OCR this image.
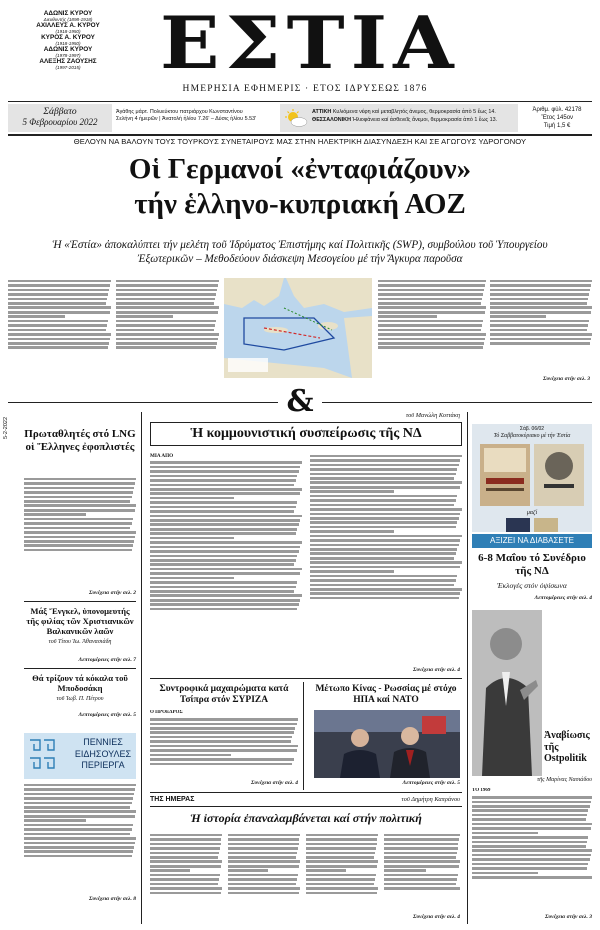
ΑΔΩΝΙΣ ΚΥΡΟΥ
Διευθυντής (1898-1918)
ΑΧΙΛΛΕΥΣ Α. ΚΥΡΟΥ
(1918-1950)
ΚΥΡΟΣ Α. ΚΥΡΟΥ
(1918-1950)
ΑΔΩΝΙΣ ΚΥΡΟΥ
(1978-1997)
ΑΛΕΞΗΣ ΖΑΟΥΣΗΣ
(1997-2015)	ΕΣΤΙΑ
ΗΜΕΡΗΣΙΑ ΕΦΗΜΕΡΙΣ · ΕΤΟΣ ΙΔΡΥΣΕΩΣ 1876
Σάββατο
5 Φεβρουαρίου 2022
Ἁγάθης μάρτ. Πολυεύκτου πατριάρχου Κωνσταντίνου
Σελήνη 4 ἡμερῶν | Ἀνατολή ἡλίου 7.26' – Δύσις ἡλίου 5.53'
ΑΤΤΙΚΗ Κυλιόμενα νέφη καί μεταβλητός άνεμος, θερμοκρασία ἀπὸ 5 ἕως 14.
ΘΕΣΣΑΛΟΝΙΚΗ Ἡλιοφάνεια καί ἀσθενεῖς ἄνεμοι, θερμοκρασία ἀπὸ 1 ἕως 13.
Ἀριθμ. φύλ. 42178
Ἔτος 145ον
Τιμή 1,5 €
ΘΕΛΟΥΝ ΝΑ ΒΑΛΟΥΝ ΤΟΥΣ ΤΟΥΡΚΟΥΣ ΣΥΝΕΤΑΙΡΟΥΣ ΜΑΣ ΣΤΗΝ ΗΛΕΚΤΡΙΚΗ ΔΙΑΣΥΝΔΕΣΗ ΚΑΙ ΣΕ ΑΓΩΓΟΥΣ ΥΔΡΟΓΟΝΟΥ
Οἱ Γερμανοί «ἐνταφιάζουν»
τήν ἑλληνο-κυπριακή ΑΟΖ
Ἡ «Ἑστία» ἀποκαλύπτει τήν μελέτη τοῦ Ἰδρύματος Ἐπιστήμης καί Πολιτικῆς (SWP), συμβούλου τοῦ Ὑπουργείου Ἐξωτερικῶν – Μεθοδεύουν διάσκεψη Μεσογείου μέ τήν Ἄγκυρα παροῦσα
Συνέχεια στήν σελ. 3
&
5-2-2022 Πρωταθλητές στό LNG οἱ Ἕλληνες ἐφοπλιστές
Συνέχεια στήν σελ. 2
Μάξ Ἔνγκελ, ὑπονομευτής τῆς φιλίας τῶν Χριστιανικῶν Βαλκανικῶν λαῶν
τοῦ Τίτου Ἰω. Ἀθανασιάδη
Λεπτομέρειες στήν σελ. 7
Θά τρίζουν τά κόκαλα τοῦ Μποδοσάκη
τοῦ Ἰωβ. Π. Πέτρου
Λεπτομέρειες στήν σελ. 5
ΠΕΝΝΙΕΣ ΕΙΔΗΣΟΥΛΕΣ ΠΕΡΙΕΡΓΑ
Συνέχεια στήν σελ. 8
τοῦ Μανώλη Κοττάκη
Ἡ κομμουνιστική συσπείρωσις τῆς ΝΔ
ΜΙΑ ΑΠΟ
Συνέχεια στήν σελ. 4
Συντροφικά μαχαιρώματα κατά Τσίπρα στόν ΣΥΡΙΖΑ
Ο ΠΡΟΕΔΡΟΣ
Συνέχεια στήν σελ. 4
Μέτωπο Κίνας - Ρωσσίας μέ στόχο ΗΠΑ καί ΝΑΤΟ
Λεπτομέρειες στήν σελ. 5
ΤΗΣ ΗΜΕΡΑΣ	τοῦ Δημήτρη Καπράνου
Ἡ ἱστορία ἐπαναλαμβάνεται καί στήν πολιτική
Συνέχεια στήν σελ. 4
Σάβ. 06/02
Τό Σαββατοκύριακο μέ τήν Ἑστία
μαζί
ΑΞΙΖΕΙ ΝΑ ΔΙΑΒΑΣΕΤΕ
6-8 Μαΐου τό Συνέδριο τῆς ΝΔ
Ἐκλογές στόν ὀψίσωνα
Λεπτομέρειες στήν σελ. 4
Ἀναβίωσις τῆς Ostpolitik
τῆς Μαρίνας Νασιάδου
ΤΟ 1969
Συνέχεια στήν σελ. 3
